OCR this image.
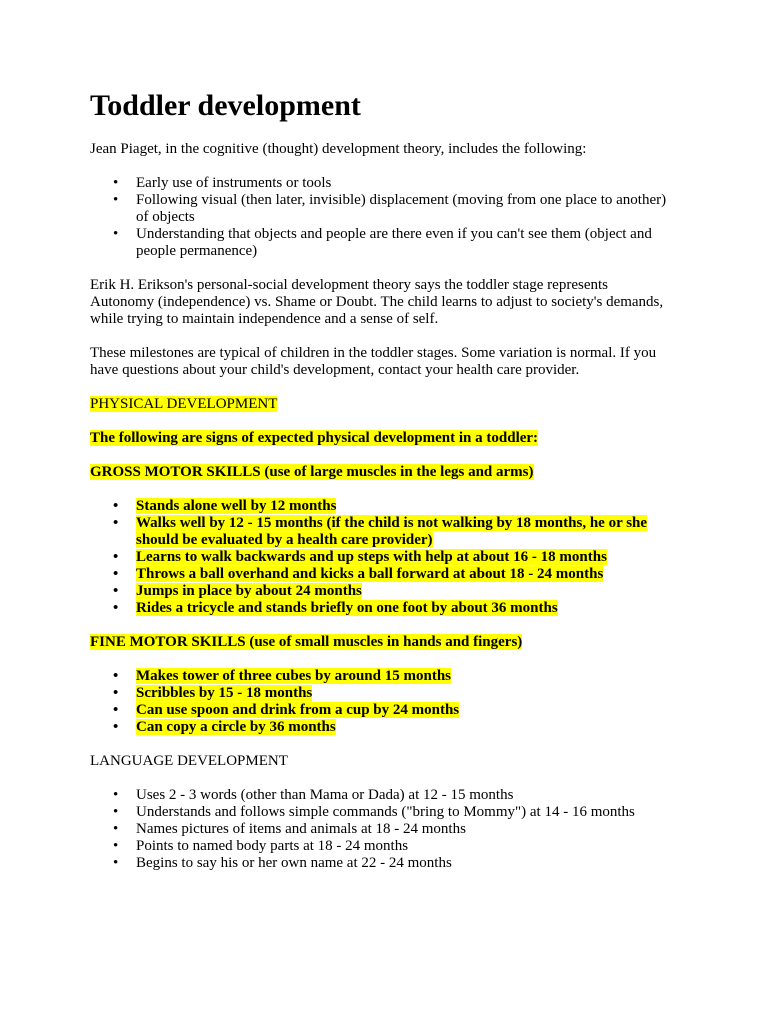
Toddler development

Jean Piaget, in the cognitive (thought) development theory, includes the following:

• Early use of instruments or tools
• Following visual (then later, invisible) displacement (moving from one place to another)
of objects
• Understanding that objects and people are there even if you can't see them (object and
people permanence)

Erik H. Erikson's personal-social development theory says the toddler stage represents
Autonomy (independence) vs. Shame or Doubt. The child learns to adjust to society's demands,
while trying to maintain independence and a sense of self.

These milestones are typical of children in the toddler stages. Some variation is normal. If you
have questions about your child's development, contact your health care provider.

PHYSICAL DEVELOPMENT

The following are signs of expected physical development in a toddler:

GROSS MOTOR SKILLS (use of large muscles in the legs and arms)

• Stands alone well by 12 months
• Walks well by 12 - 15 months (if the child is not walking by 18 months, he or she
should be evaluated by a health care provider)
• Learns to walk backwards and up steps with help at about 16 - 18 months
• Throws a ball overhand and kicks a ball forward at about 18 - 24 months
• Jumps in place by about 24 months
• Rides a tricycle and stands briefly on one foot by about 36 months

FINE MOTOR SKILLS (use of small muscles in hands and fingers)

• Makes tower of three cubes by around 15 months
• Scribbles by 15 - 18 months
• Can use spoon and drink from a cup by 24 months
• Can copy a circle by 36 months

LANGUAGE DEVELOPMENT

• Uses 2 - 3 words (other than Mama or Dada) at 12 - 15 months
• Understands and follows simple commands ("bring to Mommy") at 14 - 16 months
• Names pictures of items and animals at 18 - 24 months
• Points to named body parts at 18 - 24 months
• Begins to say his or her own name at 22 - 24 months
